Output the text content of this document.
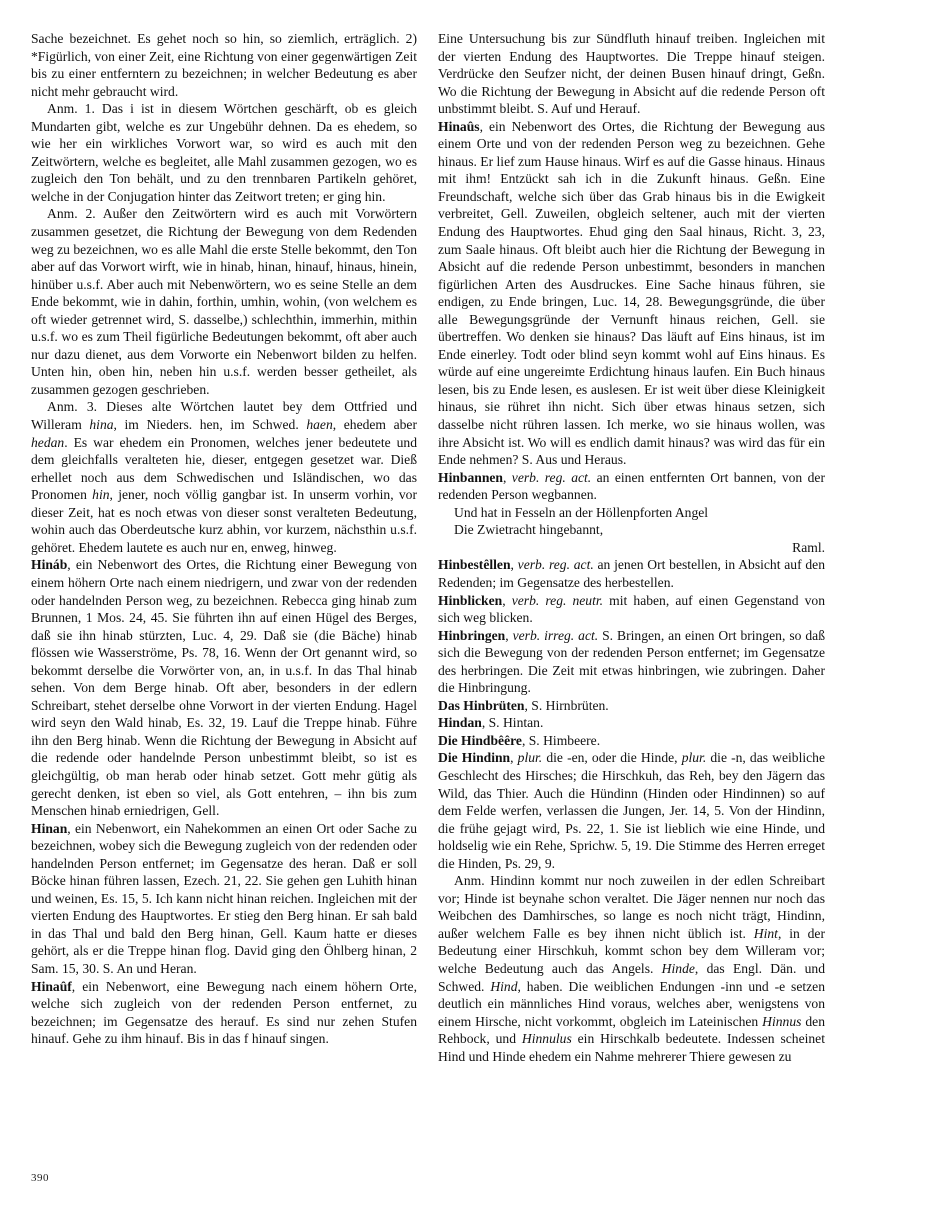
Sache bezeichnet. Es gehet noch so hin, so ziemlich, erträglich. 2) *Figürlich, von einer Zeit, eine Richtung von einer gegenwärtigen Zeit bis zu einer entferntern zu bezeichnen; in welcher Bedeutung es aber nicht mehr gebraucht wird.

Anm. 1. Das i ist in diesem Wörtchen geschärft, ob es gleich Mundarten gibt, welche es zur Ungebühr dehnen. Da es ehedem, so wie her ein wirkliches Vorwort war, so wird es auch mit den Zeitwörtern, welche es begleitet, alle Mahl zusammen gezogen, wo es zugleich den Ton behält, und zu den trennbaren Partikeln gehöret, welche in der Conjugation hinter das Zeitwort treten; er ging hin.

Anm. 2. Außer den Zeitwörtern wird es auch mit Vorwörtern zusammen gesetzet, die Richtung der Bewegung von dem Redenden weg zu bezeichnen, wo es alle Mahl die erste Stelle bekommt, den Ton aber auf das Vorwort wirft, wie in hinab, hinan, hinauf, hinaus, hinein, hinüber u.s.f. Aber auch mit Nebenwörtern, wo es seine Stelle an dem Ende bekommt, wie in dahin, forthin, umhin, wohin, (von welchem es oft wieder getrennet wird, S. dasselbe,) schlechthin, immerhin, mithin u.s.f. wo es zum Theil figürliche Bedeutungen bekommt, oft aber auch nur dazu dienet, aus dem Vorworte ein Nebenwort bilden zu helfen. Unten hin, oben hin, neben hin u.s.f. werden besser getheilet, als zusammen gezogen geschrieben.

Anm. 3. Dieses alte Wörtchen lautet bey dem Ottfried und Willeram hina, im Nieders. hen, im Schwed. haen, ehedem aber hedan. Es war ehedem ein Pronomen, welches jener bedeutete und dem gleichfalls veralteten hie, dieser, entgegen gesetzet war. Dieß erhellet noch aus dem Schwedischen und Isländischen, wo das Pronomen hin, jener, noch völlig gangbar ist. In unserm vorhin, vor dieser Zeit, hat es noch etwas von dieser sonst veralteten Bedeutung, wohin auch das Oberdeutsche kurz abhin, vor kurzem, nächsthin u.s.f. gehöret. Ehedem lautete es auch nur en, enweg, hinweg.

Hináb, ein Nebenwort des Ortes, die Richtung einer Bewegung von einem höhern Orte nach einem niedrigern, und zwar von der redenden oder handelnden Person weg, zu bezeichnen. Rebecca ging hinab zum Brunnen, 1 Mos. 24, 45. Sie führten ihn auf einen Hügel des Berges, daß sie ihn hinab stürzten, Luc. 4, 29. Daß sie (die Bäche) hinab flössen wie Wasserströme, Ps. 78, 16. Wenn der Ort genannt wird, so bekommt derselbe die Vorwörter von, an, in u.s.f. In das Thal hinab sehen. Von dem Berge hinab. Oft aber, besonders in der edlern Schreibart, stehet derselbe ohne Vorwort in der vierten Endung. Hagel wird seyn den Wald hinab, Es. 32, 19. Lauf die Treppe hinab. Führe ihn den Berg hinab. Wenn die Richtung der Bewegung in Absicht auf die redende oder handelnde Person unbestimmt bleibt, so ist es gleichgültig, ob man herab oder hinab setzet. Gott mehr gütig als gerecht denken, ist eben so viel, als Gott entehren, – ihn bis zum Menschen hinab erniedrigen, Gell.

Hinan, ein Nebenwort, ein Nahekommen an einen Ort oder Sache zu bezeichnen, wobey sich die Bewegung zugleich von der redenden oder handelnden Person entfernet; im Gegensatze des heran. Daß er soll Böcke hinan führen lassen, Ezech. 21, 22. Sie gehen gen Luhith hinan und weinen, Es. 15, 5. Ich kann nicht hinan reichen. Ingleichen mit der vierten Endung des Hauptwortes. Er stieg den Berg hinan. Er sah bald in das Thal und bald den Berg hinan, Gell. Kaum hatte er dieses gehört, als er die Treppe hinan flog. David ging den Öhlberg hinan, 2 Sam. 15, 30. S. An und Heran.

Hinaûf, ein Nebenwort, eine Bewegung nach einem höhern Orte, welche sich zugleich von der redenden Person entfernet, zu bezeichnen; im Gegensatze des herauf. Es sind nur zehen Stufen hinauf. Gehe zu ihm hinauf. Bis in das f hinauf singen.

Eine Untersuchung bis zur Sündfluth hinauf treiben. Ingleichen mit der vierten Endung des Hauptwortes. Die Treppe hinauf steigen. Verdrücke den Seufzer nicht, der deinen Busen hinauf dringt, Geßn. Wo die Richtung der Bewegung in Absicht auf die redende Person oft unbstimmt bleibt. S. Auf und Herauf.

Hinaûs, ein Nebenwort des Ortes, die Richtung der Bewegung aus einem Orte und von der redenden Person weg zu bezeichnen. Gehe hinaus. Er lief zum Hause hinaus. Wirf es auf die Gasse hinaus. Hinaus mit ihm! Entzückt sah ich in die Zukunft hinaus. Geßn. Eine Freundschaft, welche sich über das Grab hinaus bis in die Ewigkeit verbreitet, Gell. Zuweilen, obgleich seltener, auch mit der vierten Endung des Hauptwortes. Ehud ging den Saal hinaus, Richt. 3, 23, zum Saale hinaus. Oft bleibt auch hier die Richtung der Bewegung in Absicht auf die redende Person unbestimmt, besonders in manchen figürlichen Arten des Ausdruckes. Eine Sache hinaus führen, sie endigen, zu Ende bringen, Luc. 14, 28. Bewegungsgründe, die über alle Bewegungsgründe der Vernunft hinaus reichen, Gell. sie übertreffen. Wo denken sie hinaus? Das läuft auf Eins hinaus, ist im Ende einerley. Todt oder blind seyn kommt wohl auf Eins hinaus. Es würde auf eine ungereimte Erdichtung hinaus laufen. Ein Buch hinaus lesen, bis zu Ende lesen, es auslesen. Er ist weit über diese Kleinigkeit hinaus, sie rühret ihn nicht. Sich über etwas hinaus setzen, sich dasselbe nicht rühren lassen. Ich merke, wo sie hinaus wollen, was ihre Absicht ist. Wo will es endlich damit hinaus? was wird das für ein Ende nehmen? S. Aus und Heraus.

Hinbannen, verb. reg. act. an einen entfernten Ort bannen, von der redenden Person wegbannen.

Und hat in Fesseln an der Höllenpforten Angel

Die Zwietracht hingebannt,

Raml.

Hinbestêllen, verb. reg. act. an jenen Ort bestellen, in Absicht auf den Redenden; im Gegensatze des herbestellen.

Hinblicken, verb. reg. neutr. mit haben, auf einen Gegenstand von sich weg blicken.

Hinbringen, verb. irreg. act. S. Bringen, an einen Ort bringen, so daß sich die Bewegung von der redenden Person entfernet; im Gegensatze des herbringen. Die Zeit mit etwas hinbringen, wie zubringen. Daher die Hinbringung.

Das Hinbrüten, S. Hirnbrüten.

Hindan, S. Hintan.

Die Hindbêêre, S. Himbeere.

Die Hindinn, plur. die -en, oder die Hinde, plur. die -n, das weibliche Geschlecht des Hirsches; die Hirschkuh, das Reh, bey den Jägern das Wild, das Thier. Auch die Hündinn (Hinden oder Hindinnen) so auf dem Felde werfen, verlassen die Jungen, Jer. 14, 5. Von der Hindinn, die frühe gejagt wird, Ps. 22, 1. Sie ist lieblich wie eine Hinde, und holdselig wie ein Rehe, Sprichw. 5, 19. Die Stimme des Herren erreget die Hinden, Ps. 29, 9.

Anm. Hindinn kommt nur noch zuweilen in der edlen Schreibart vor; Hinde ist beynahe schon veraltet. Die Jäger nennen nur noch das Weibchen des Damhirsches, so lange es noch nicht trägt, Hindinn, außer welchem Falle es bey ihnen nicht üblich ist. Hint, in der Bedeutung einer Hirschkuh, kommt schon bey dem Willeram vor; welche Bedeutung auch das Angels. Hinde, das Engl. Dän. und Schwed. Hind, haben. Die weiblichen Endungen -inn und -e setzen deutlich ein männliches Hind voraus, welches aber, wenigstens von einem Hirsche, nicht vorkommt, obgleich im Lateinischen Hinnus den Rehbock, und Hinnulus ein Hirschkalb bedeutete. Indessen scheinet Hind und Hinde ehedem ein Nahme mehrerer Thiere gewesen zu

390
